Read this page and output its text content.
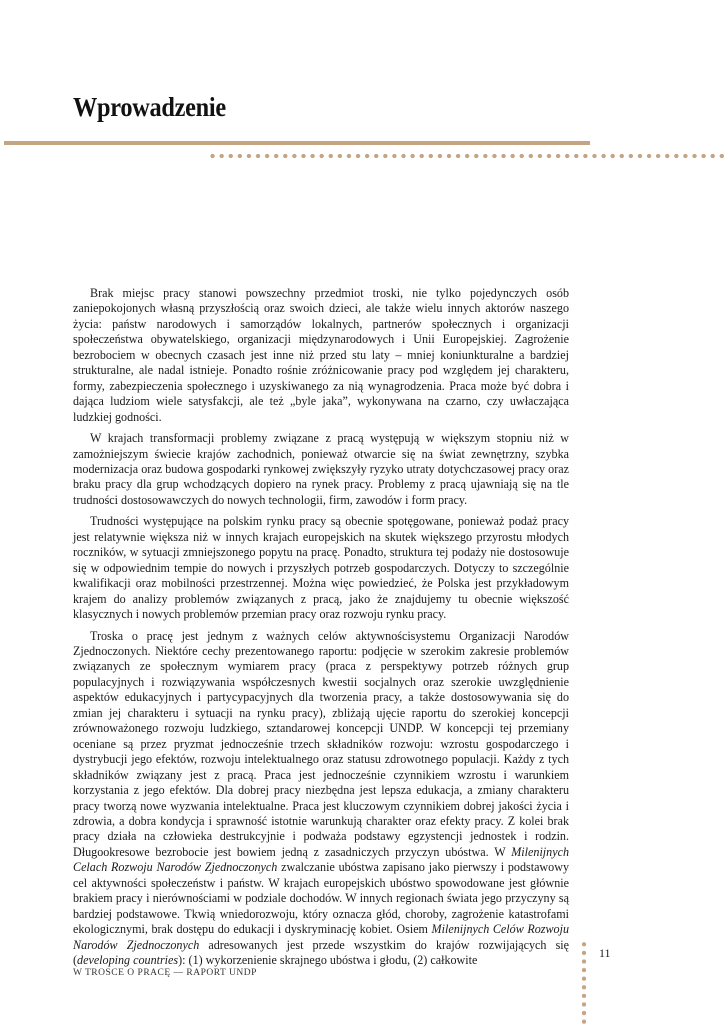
Wprowadzenie

Brak miejsc pracy stanowi powszechny przedmiot troski, nie tylko pojedynczych osób zaniepokojonych własną przyszłością oraz swoich dzieci, ale także wielu innych aktorów naszego życia: państw narodowych i samorządów lokalnych, partnerów społecznych i organizacji społeczeństwa obywatelskiego, organizacji międzynarodowych i Unii Europejskiej. Zagrożenie bezrobociem w obecnych czasach jest inne niż przed stu laty – mniej koniunkturalne a bardziej strukturalne, ale nadal istnieje. Ponadto rośnie zróżnicowanie pracy pod względem jej charakteru, formy, zabezpieczenia społecznego i uzyskiwanego za nią wynagrodzenia. Praca może być dobra i dająca ludziom wiele satysfakcji, ale też „byle jaka”, wykonywana na czarno, czy uwłaczająca ludzkiej godności.

W krajach transformacji problemy związane z pracą występują w większym stopniu niż w zamożniejszym świecie krajów zachodnich, ponieważ otwarcie się na świat zewnętrzny, szybka modernizacja oraz budowa gospodarki rynkowej zwiększyły ryzyko utraty dotychczasowej pracy oraz braku pracy dla grup wchodzących dopiero na rynek pracy. Problemy z pracą ujawniają się na tle trudności dostosowawczych do nowych technologii, firm, zawodów i form pracy.

Trudności występujące na polskim rynku pracy są obecnie spotęgowane, ponieważ podaż pracy jest relatywnie większa niż w innych krajach europejskich na skutek większego przyrostu młodych roczników, w sytuacji zmniejszonego popytu na pracę. Ponadto, struktura tej podaży nie dostosowuje się w odpowiednim tempie do nowych i przyszłych potrzeb gospodarczych. Dotyczy to szczególnie kwalifikacji oraz mobilności przestrzennej. Można więc powiedzieć, że Polska jest przykładowym krajem do analizy problemów związanych z pracą, jako że znajdujemy tu obecnie większość klasycznych i nowych problemów przemian pracy oraz rozwoju rynku pracy.

Troska o pracę jest jednym z ważnych celów aktywnościsystemu Organizacji Narodów Zjednoczonych. Niektóre cechy prezentowanego raportu: podjęcie w szerokim zakresie problemów związanych ze społecznym wymiarem pracy (praca z perspektywy potrzeb różnych grup populacyjnych i rozwiązywania współczesnych kwestii socjalnych oraz szerokie uwzględnienie aspektów edukacyjnych i partycypacyjnych dla tworzenia pracy, a także dostosowywania się do zmian jej charakteru i sytuacji na rynku pracy), zbliżają ujęcie raportu do szerokiej koncepcji zrównoważonego rozwoju ludzkiego, sztandarowej koncepcji UNDP. W koncepcji tej przemiany oceniane są przez pryzmat jednocześnie trzech składników rozwoju: wzrostu gospodarczego i dystrybucji jego efektów, rozwoju intelektualnego oraz statusu zdrowotnego populacji. Każdy z tych składników związany jest z pracą. Praca jest jednocześnie czynnikiem wzrostu i warunkiem korzystania z jego efektów. Dla dobrej pracy niezbędna jest lepsza edukacja, a zmiany charakteru pracy tworzą nowe wyzwania intelektualne. Praca jest kluczowym czynnikiem dobrej jakości życia i zdrowia, a dobra kondycja i sprawność istotnie warunkują charakter oraz efekty pracy. Z kolei brak pracy działa na człowieka destrukcyjnie i podważa podstawy egzystencji jednostek i rodzin. Długookresowe bezrobocie jest bowiem jedną z zasadniczych przyczyn ubóstwa. W Milenijnych Celach Rozwoju Narodów Zjednoczonych zwalczanie ubóstwa zapisano jako pierwszy i podstawowy cel aktywności społeczeństw i państw. W krajach europejskich ubóstwo spowodowane jest głównie brakiem pracy i nierównościami w podziale dochodów. W innych regionach świata jego przyczyny są bardziej podstawowe. Tkwią wniedorozwoju, który oznacza głód, choroby, zagrożenie katastrofami ekologicznymi, brak dostępu do edukacji i dyskryminację kobiet. Osiem Milenijnych Celów Rozwoju Narodów Zjednoczonych adresowanych jest przede wszystkim do krajów rozwijających się (developing countries): (1) wykorzenienie skrajnego ubóstwa i głodu, (2) całkowite

11
W TROSCE O PRACĘ — RAPORT UNDP
